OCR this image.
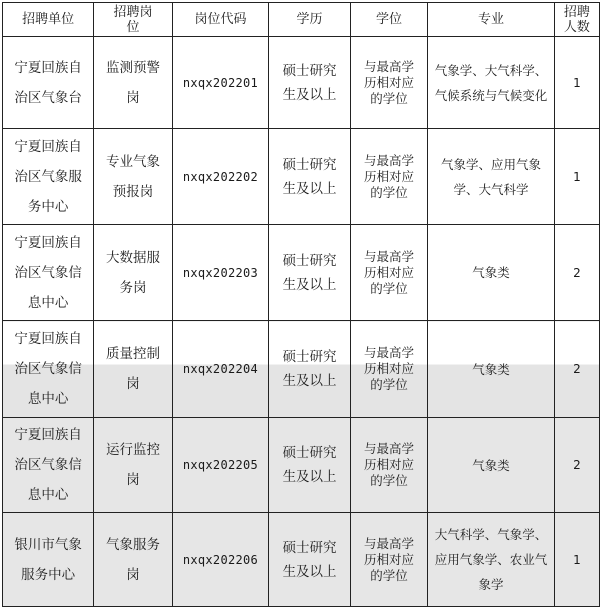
招聘单位	招聘岗位	岗位代码	学历	学位	专业	招聘人数
宁夏回族自治区气象台	监测预警岗	nxqx202201	硕士研究生及以上	与最高学历相对应的学位	气象学、大气科学、气候系统与气候变化	1
宁夏回族自治区气象服务中心	专业气象预报岗	nxqx202202	硕士研究生及以上	与最高学历相对应的学位	气象学、应用气象学、大气科学	1
宁夏回族自治区气象信息中心	大数据服务岗	nxqx202203	硕士研究生及以上	与最高学历相对应的学位	气象类	2
宁夏回族自治区气象信息中心	质量控制岗	nxqx202204	硕士研究生及以上	与最高学历相对应的学位	气象类	2
宁夏回族自治区气象信息中心	运行监控岗	nxqx202205	硕士研究生及以上	与最高学历相对应的学位	气象类	2
银川市气象服务中心	气象服务岗	nxqx202206	硕士研究生及以上	与最高学历相对应的学位	大气科学、气象学、应用气象学、农业气象学	1
